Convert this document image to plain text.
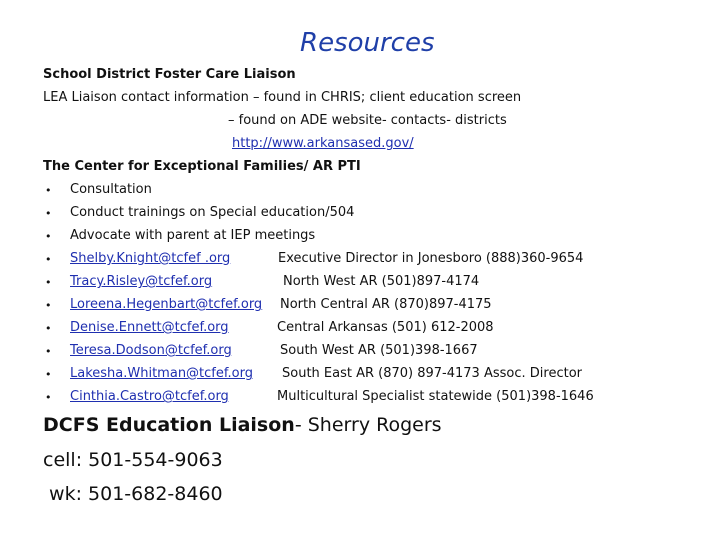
Resources
School District Foster Care Liaison
LEA Liaison contact information – found in CHRIS; client education screen
– found on ADE website- contacts- districts
http://www.arkansased.gov/
The Center for Exceptional Families/ AR PTI
• Consultation
• Conduct trainings on Special education/504
• Advocate with parent at IEP meetings
• Shelby.Knight@tcfef .org	Executive Director in Jonesboro (888)360-9654
• Tracy.Risley@tcfef.org	North West AR (501)897-4174
• Loreena.Hegenbart@tcfef.org North Central AR (870)897-4175
• Denise.Ennett@tcfef.org	Central Arkansas (501) 612-2008
• Teresa.Dodson@tcfef.org	South West AR (501)398-1667
• Lakesha.Whitman@tcfef.org South East AR (870) 897-4173 Assoc. Director
• Cinthia.Castro@tcfef.org	Multicultural Specialist statewide (501)398-1646
DCFS Education Liaison- Sherry Rogers
cell: 501-554-9063
wk: 501-682-8460
